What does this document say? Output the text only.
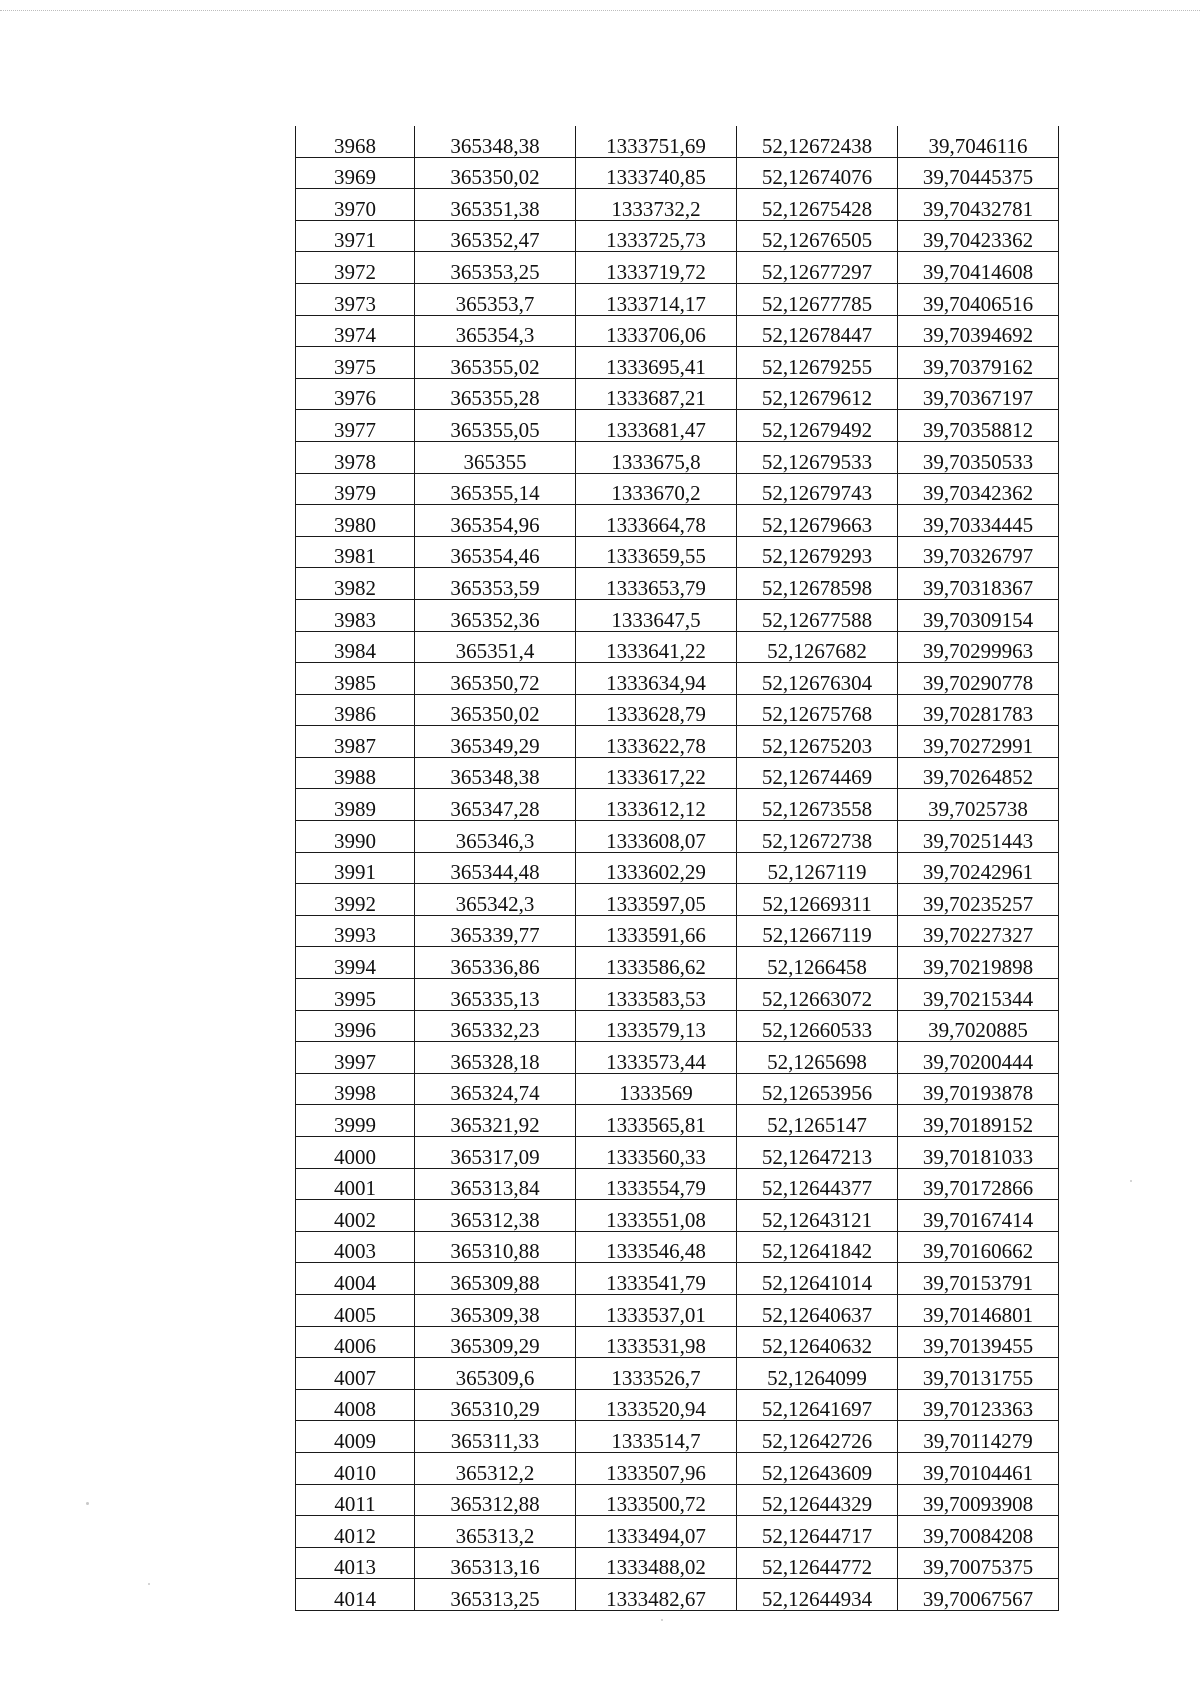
3968	365348,38	1333751,69	52,12672438	39,7046116
3969	365350,02	1333740,85	52,12674076	39,70445375
3970	365351,38	1333732,2	52,12675428	39,70432781
3971	365352,47	1333725,73	52,12676505	39,70423362
3972	365353,25	1333719,72	52,12677297	39,70414608
3973	365353,7	1333714,17	52,12677785	39,70406516
3974	365354,3	1333706,06	52,12678447	39,70394692
3975	365355,02	1333695,41	52,12679255	39,70379162
3976	365355,28	1333687,21	52,12679612	39,70367197
3977	365355,05	1333681,47	52,12679492	39,70358812
3978	365355	1333675,8	52,12679533	39,70350533
3979	365355,14	1333670,2	52,12679743	39,70342362
3980	365354,96	1333664,78	52,12679663	39,70334445
3981	365354,46	1333659,55	52,12679293	39,70326797
3982	365353,59	1333653,79	52,12678598	39,70318367
3983	365352,36	1333647,5	52,12677588	39,70309154
3984	365351,4	1333641,22	52,1267682	39,70299963
3985	365350,72	1333634,94	52,12676304	39,70290778
3986	365350,02	1333628,79	52,12675768	39,70281783
3987	365349,29	1333622,78	52,12675203	39,70272991
3988	365348,38	1333617,22	52,12674469	39,70264852
3989	365347,28	1333612,12	52,12673558	39,7025738
3990	365346,3	1333608,07	52,12672738	39,70251443
3991	365344,48	1333602,29	52,1267119	39,70242961
3992	365342,3	1333597,05	52,12669311	39,70235257
3993	365339,77	1333591,66	52,12667119	39,70227327
3994	365336,86	1333586,62	52,1266458	39,70219898
3995	365335,13	1333583,53	52,12663072	39,70215344
3996	365332,23	1333579,13	52,12660533	39,7020885
3997	365328,18	1333573,44	52,1265698	39,70200444
3998	365324,74	1333569	52,12653956	39,70193878
3999	365321,92	1333565,81	52,1265147	39,70189152
4000	365317,09	1333560,33	52,12647213	39,70181033
4001	365313,84	1333554,79	52,12644377	39,70172866
4002	365312,38	1333551,08	52,12643121	39,70167414
4003	365310,88	1333546,48	52,12641842	39,70160662
4004	365309,88	1333541,79	52,12641014	39,70153791
4005	365309,38	1333537,01	52,12640637	39,70146801
4006	365309,29	1333531,98	52,12640632	39,70139455
4007	365309,6	1333526,7	52,1264099	39,70131755
4008	365310,29	1333520,94	52,12641697	39,70123363
4009	365311,33	1333514,7	52,12642726	39,70114279
4010	365312,2	1333507,96	52,12643609	39,70104461
4011	365312,88	1333500,72	52,12644329	39,70093908
4012	365313,2	1333494,07	52,12644717	39,70084208
4013	365313,16	1333488,02	52,12644772	39,70075375
4014	365313,25	1333482,67	52,12644934	39,70067567
